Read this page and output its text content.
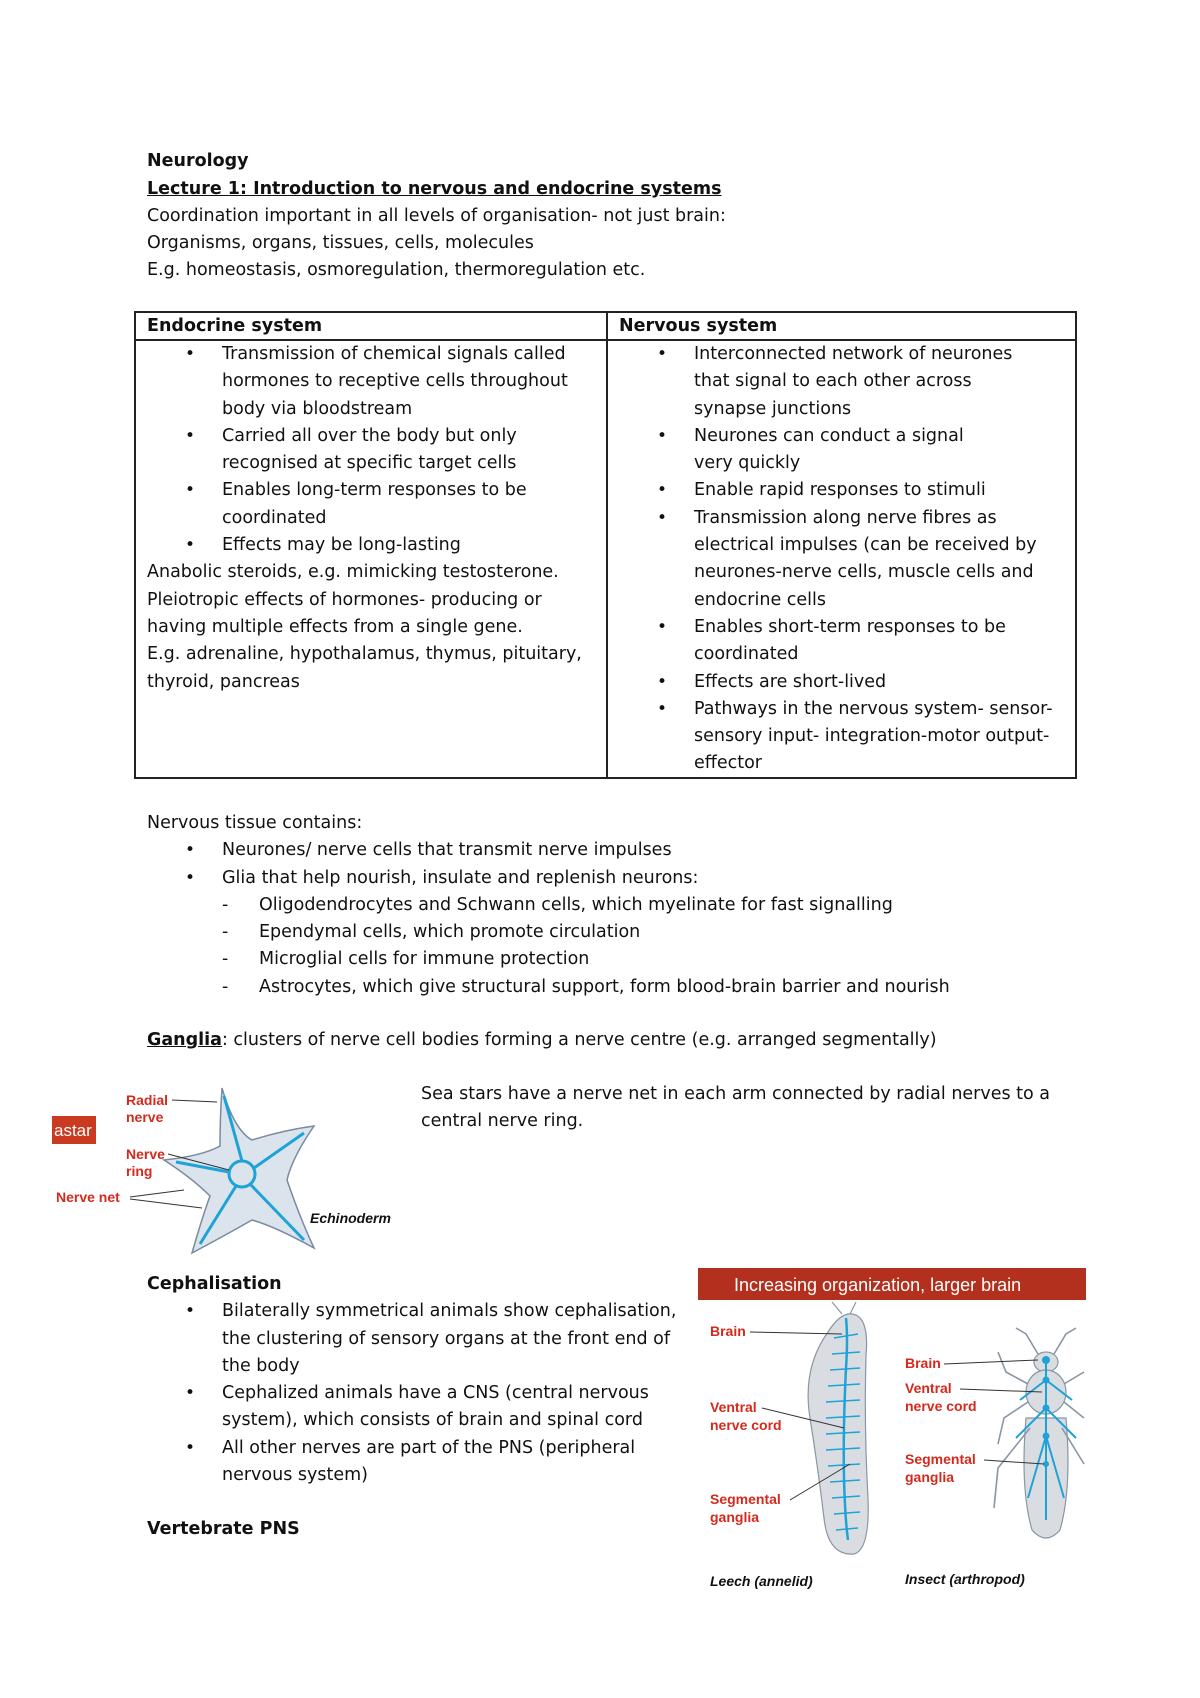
Neurology
Lecture 1: Introduction to nervous and endocrine systems
Coordination important in all levels of organisation- not just brain:
Organisms, organs, tissues, cells, molecules
E.g. homeostasis, osmoregulation, thermoregulation etc.
Endocrine system	Nervous system
• Transmission of chemical signals called hormones to receptive cells throughout body via bloodstream
• Carried all over the body but only recognised at specific target cells
• Enables long-term responses to be coordinated
• Effects may be long-lasting

Anabolic steroids, e.g. mimicking testosterone.

Pleiotropic effects of hormones- producing or having multiple effects from a single gene.

E.g. adrenaline, hypothalamus, thymus, pituitary, thyroid, pancreas

• Interconnected network of neurones that signal to each other across synapse junctions
• Neurones can conduct a signal very quickly
• Enable rapid responses to stimuli
• Transmission along nerve fibres as electrical impulses (can be received by neurones-nerve cells, muscle cells and endocrine cells
• Enables short-term responses to be coordinated
• Effects are short-lived
• Pathways in the nervous system- sensor- sensory input- integration-motor output-effector

Nervous tissue contains:

• Neurones/ nerve cells that transmit nerve impulses
• Glia that help nourish, insulate and replenish neurons:
- Oligodendrocytes and Schwann cells, which myelinate for fast signalling
- Ependymal cells, which promote circulation
- Microglial cells for immune protection
- Astrocytes, which give structural support, form blood-brain barrier and nourish
Ganglia: clusters of nerve cell bodies forming a nerve centre (e.g. arranged segmentally)
astar
Radial
nerve
Nerve
ring
Nerve net
Echinoderm
Sea stars have a nerve net in each arm connected by radial nerves to a central nerve ring.

Cephalisation

• Bilaterally symmetrical animals show cephalisation, the clustering of sensory organs at the front end of the body
• Cephalized animals have a CNS (central nervous system), which consists of brain and spinal cord
• All other nerves are part of the PNS (peripheral nervous system)
Vertebrate PNS
Increasing organization, larger brain
Brain
Ventral
nerve cord
Segmental
ganglia
Leech (annelid)
Brain
Ventral
nerve cord
Segmental
ganglia
Insect (arthropod)
